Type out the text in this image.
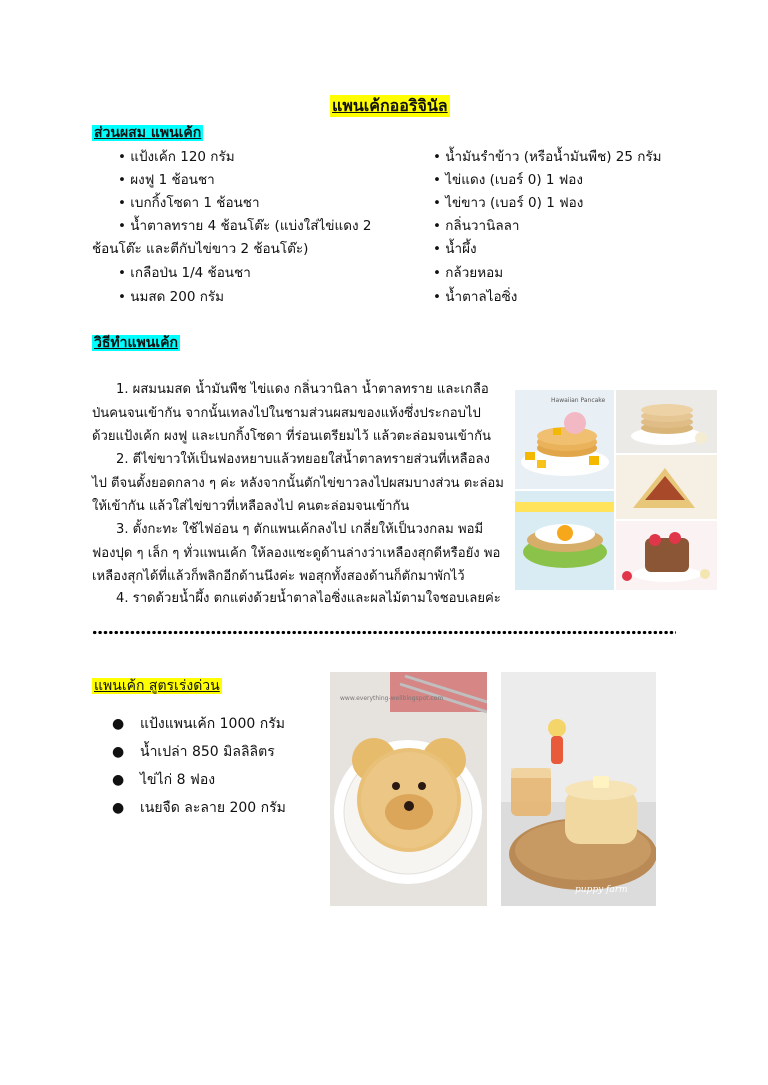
แพนเค้กออริจินัล
ส่วนผสม แพนเค้ก
• แป้งเค้ก 120 กรัม
• ผงฟู 1 ช้อนชา
• เบกกิ้งโซดา 1 ช้อนชา
• น้ำตาลทราย 4 ช้อนโต๊ะ (แบ่งใส่ไข่แดง 2
ช้อนโต๊ะ และตีกับไข่ขาว 2 ช้อนโต๊ะ)
• เกลือป่น 1/4 ช้อนชา
• นมสด 200 กรัม
• น้ำมันรำข้าว (หรือน้ำมันพืช) 25 กรัม
• ไข่แดง (เบอร์ 0) 1 ฟอง
• ไข่ขาว (เบอร์ 0) 1 ฟอง
• กลิ่นวานิลลา
• น้ำผึ้ง
• กล้วยหอม
• น้ำตาลไอซิ่ง
วิธีทำแพนเค้ก
1. ผสมนมสด น้ำมันพืช ไข่แดง กลิ่นวานิลา น้ำตาลทราย และเกลือป่นคนจนเข้ากัน จากนั้นเทลงไปในชามส่วนผสมของแห้งซึ่งประกอบไปด้วยแป้งเค้ก ผงฟู และเบกกิ้งโซดา ที่ร่อนเตรียมไว้ แล้วตะล่อมจนเข้ากัน
2. ตีไข่ขาวให้เป็นฟองหยาบแล้วทยอยใส่น้ำตาลทรายส่วนที่เหลือลงไป ตีจนตั้งยอดกลาง ๆ ค่ะ หลังจากนั้นตักไข่ขาวลงไปผสมบางส่วน ตะล่อมให้เข้ากัน แล้วใส่ไข่ขาวที่เหลือลงไป คนตะล่อมจนเข้ากัน
3. ตั้งกะทะ ใช้ไฟอ่อน ๆ ตักแพนเค้กลงไป เกลี่ยให้เป็นวงกลม พอมีฟองปุด ๆ เล็ก ๆ ทั่วแพนเค้ก ให้ลองแซะดูด้านล่างว่าเหลืองสุกดีหรือยัง พอเหลืองสุกได้ที่แล้วก็พลิกอีกด้านนึงค่ะ พอสุกทั้งสองด้านก็ตักมาพักไว้
4. ราดด้วยน้ำผึ้ง ตกแต่งด้วยน้ำตาลไอซิ่งและผลไม้ตามใจชอบเลยค่ะ
Hawaiian Pancake
แพนเค้ก สูตรเร่งด่วน
● แป้งแพนเค้ก 1000 กรัม
● น้ำเปล่า 850 มิลลิลิตร
● ไข่ไก่ 8 ฟอง
● เนยจืด ละลาย 200 กรัม
www.everything-wellblogspot.com
puppy farm
